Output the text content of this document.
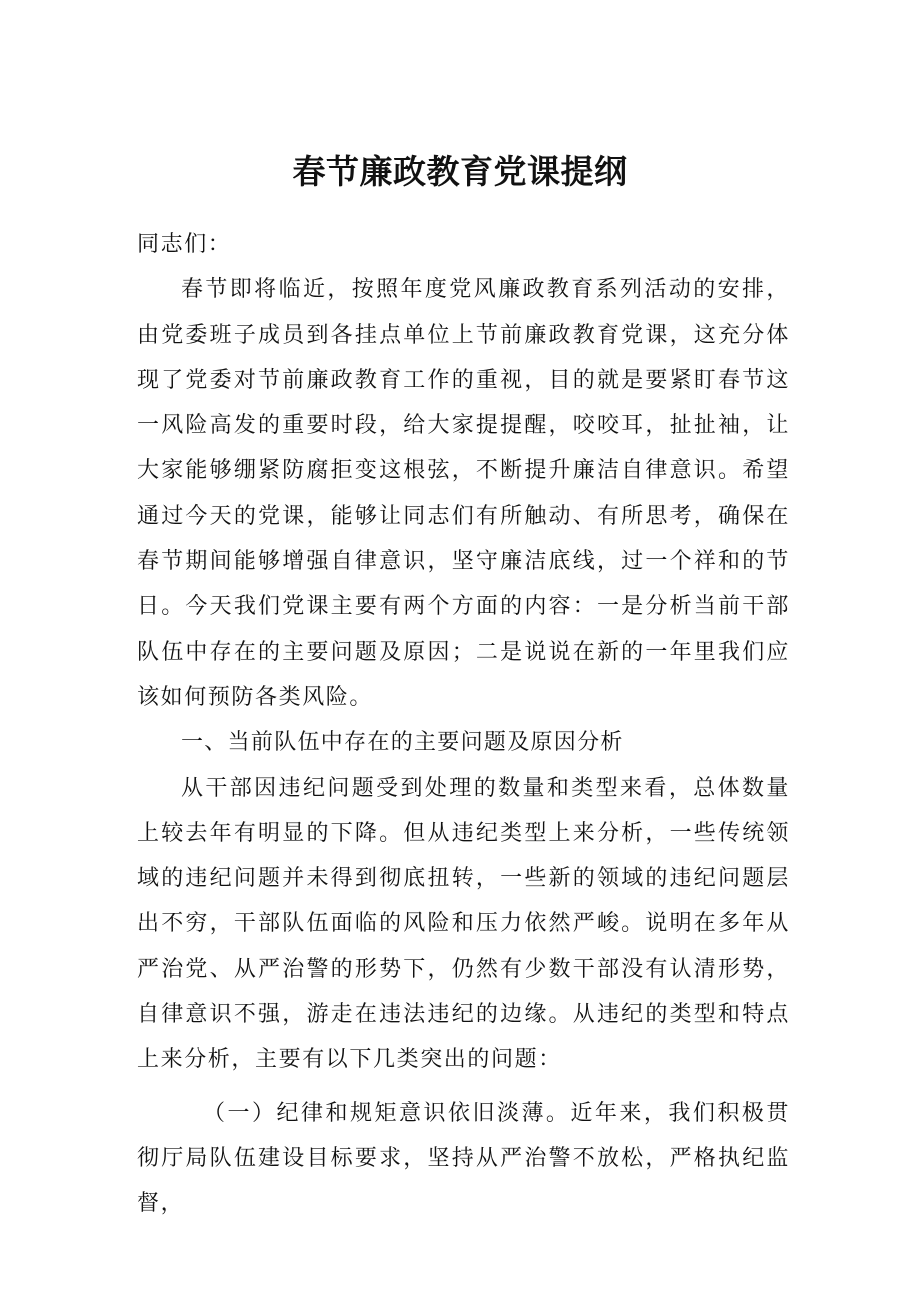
春节廉政教育党课提纲

同志们：

春节即将临近，按照年度党风廉政教育系列活动的安排，由党委班子成员到各挂点单位上节前廉政教育党课，这充分体现了党委对节前廉政教育工作的重视，目的就是要紧盯春节这一风险高发的重要时段，给大家提提醒，咬咬耳，扯扯袖，让大家能够绷紧防腐拒变这根弦，不断提升廉洁自律意识。希望通过今天的党课，能够让同志们有所触动、有所思考，确保在春节期间能够增强自律意识，坚守廉洁底线，过一个祥和的节日。今天我们党课主要有两个方面的内容：一是分析当前干部队伍中存在的主要问题及原因；二是说说在新的一年里我们应该如何预防各类风险。

一、当前队伍中存在的主要问题及原因分析

从干部因违纪问题受到处理的数量和类型来看，总体数量上较去年有明显的下降。但从违纪类型上来分析，一些传统领域的违纪问题并未得到彻底扭转，一些新的领域的违纪问题层出不穷，干部队伍面临的风险和压力依然严峻。说明在多年从严治党、从严治警的形势下，仍然有少数干部没有认清形势，自律意识不强，游走在违法违纪的边缘。从违纪的类型和特点上来分析，主要有以下几类突出的问题：

（一）纪律和规矩意识依旧淡薄。近年来，我们积极贯彻厅局队伍建设目标要求，坚持从严治警不放松，严格执纪监督，
